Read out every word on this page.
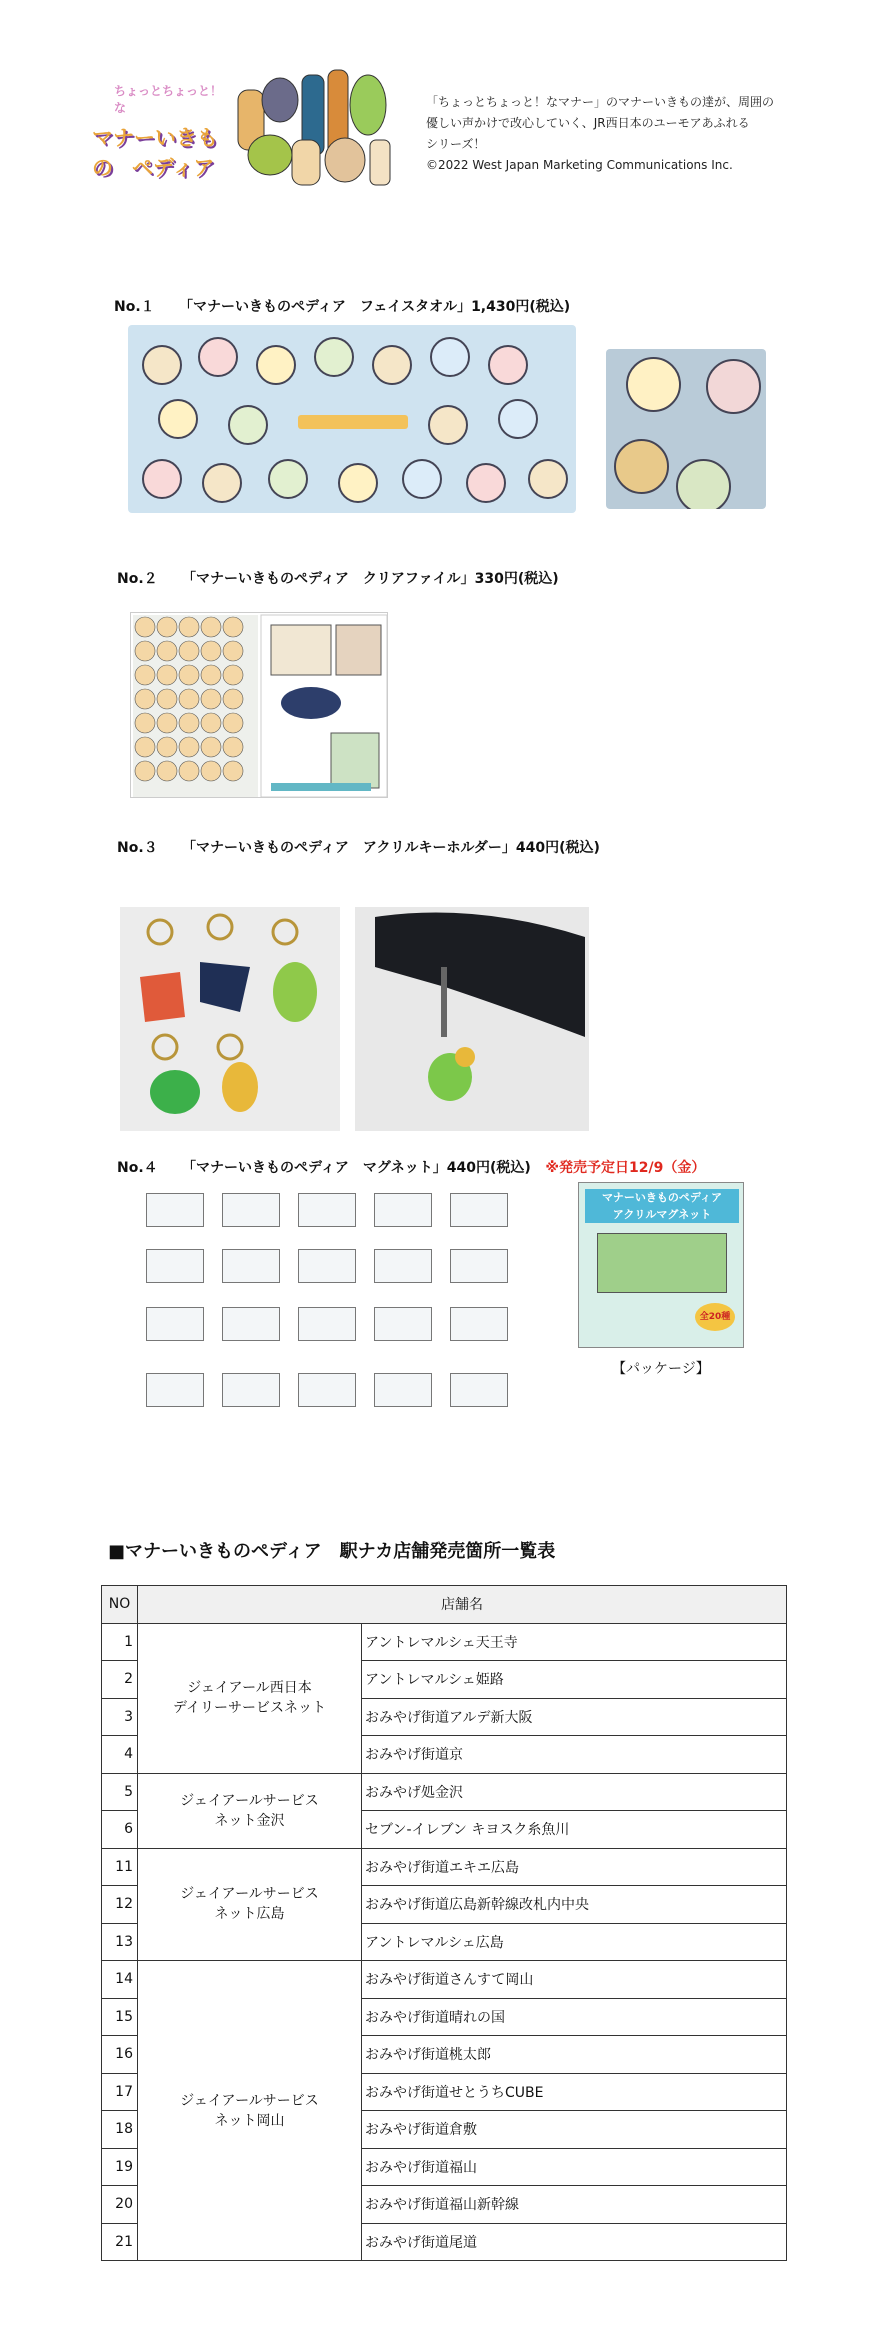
ちょっとちょっと！な
マナーいきもの ペディア
「ちょっとちょっと！なマナー」のマナーいきもの達が、周囲の
優しい声かけで改心していく、JR西日本のユーモアあふれる
シリーズ！
©2022 West Japan Marketing Communications Inc.
No.１ 「マナーいきものペディア　フェイスタオル」1,430円(税込)
No.２ 「マナーいきものペディア　クリアファイル」330円(税込)
No.３ 「マナーいきものペディア　アクリルキーホルダー」440円(税込)
No.４ 「マナーいきものペディア　マグネット」440円(税込) ※発売予定日12/9（金）
マナーいきものペディア
アクリルマグネット
全20種
【パッケージ】
■マナーいきものペディア　駅ナカ店舗発売箇所一覧表
NO	店舗名	
1	ジェイアール西日本
デイリーサービスネット	アントレマルシェ天王寺
2		アントレマルシェ姫路
3		おみやげ街道アルデ新大阪
4		おみやげ街道京
5	ジェイアールサービス
ネット金沢	おみやげ処金沢
6		セブン-イレブン キヨスク糸魚川
11	ジェイアールサービス
ネット広島	おみやげ街道エキエ広島
12		おみやげ街道広島新幹線改札内中央
13		アントレマルシェ広島
14	ジェイアールサービス
ネット岡山	おみやげ街道さんすて岡山
15		おみやげ街道晴れの国
16		おみやげ街道桃太郎
17		おみやげ街道せとうちCUBE
18		おみやげ街道倉敷
19		おみやげ街道福山
20		おみやげ街道福山新幹線
21		おみやげ街道尾道
